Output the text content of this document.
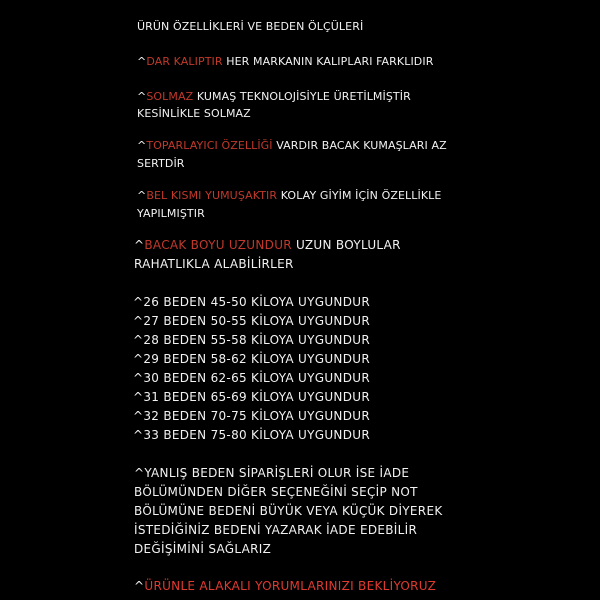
ÜRÜN ÖZELLİKLERİ VE BEDEN ÖLÇÜLERİ
^DAR KALIPTIR HER MARKANIN KALIPLARI FARKLIDIR
^SOLMAZ KUMAŞ TEKNOLOJİSİYLE ÜRETİLMİŞTİR
KESİNLİKLE SOLMAZ
^TOPARLAYICI ÖZELLİĞİ VARDIR BACAK KUMAŞLARI AZ
SERTDİR
^BEL KISMI YUMUŞAKTIR KOLAY GİYİM İÇİN ÖZELLİKLE
YAPILMIŞTIR
^BACAK BOYU UZUNDUR UZUN BOYLULAR
RAHATLIKLA ALABİLİRLER
^26 BEDEN 45-50 KİLOYA UYGUNDUR
^27 BEDEN 50-55 KİLOYA UYGUNDUR
^28 BEDEN 55-58 KİLOYA UYGUNDUR
^29 BEDEN 58-62 KİLOYA UYGUNDUR
^30 BEDEN 62-65 KİLOYA UYGUNDUR
^31 BEDEN 65-69 KİLOYA UYGUNDUR
^32 BEDEN 70-75 KİLOYA UYGUNDUR
^33 BEDEN 75-80 KİLOYA UYGUNDUR
^YANLIŞ BEDEN SİPARİŞLERİ OLUR İSE İADE
BÖLÜMÜNDEN DİĞER SEÇENEĞİNİ SEÇİP NOT
BÖLÜMÜNE BEDENİ BÜYÜK VEYA KÜÇÜK DİYEREK
İSTEDİĞİNİZ BEDENİ YAZARAK İADE EDEBİLİR
DEĞİŞİMİNİ SAĞLARIZ
^ÜRÜNLE ALAKALI YORUMLARINIZI BEKLİYORUZ
